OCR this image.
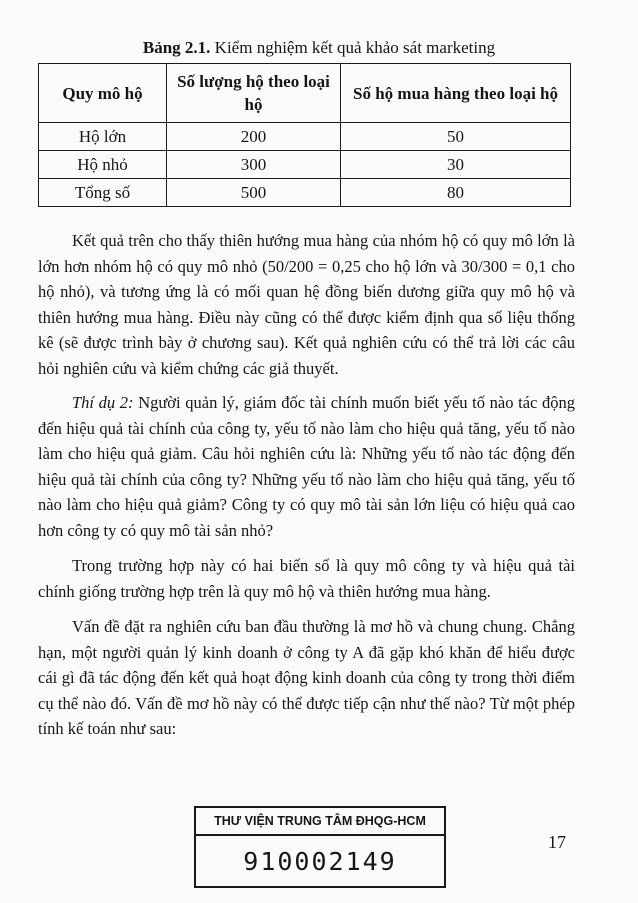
Bảng 2.1. Kiểm nghiệm kết quả khảo sát marketing
Quy mô hộ	Số lượng hộ theo loại hộ	Số hộ mua hàng theo loại hộ
Hộ lớn	200	50
Hộ nhỏ	300	30
Tổng số	500	80

Kết quả trên cho thấy thiên hướng mua hàng của nhóm hộ có quy mô lớn là lớn hơn nhóm hộ có quy mô nhỏ (50/200 = 0,25 cho hộ lớn và 30/300 = 0,1 cho hộ nhỏ), và tương ứng là có mối quan hệ đồng biến dương giữa quy mô hộ và thiên hướng mua hàng. Điều này cũng có thể được kiểm định qua số liệu thống kê (sẽ được trình bày ở chương sau). Kết quả nghiên cứu có thể trả lời các câu hỏi nghiên cứu và kiểm chứng các giả thuyết.

Thí dụ 2: Người quản lý, giám đốc tài chính muốn biết yếu tố nào tác động đến hiệu quả tài chính của công ty, yếu tố nào làm cho hiệu quả tăng, yếu tố nào làm cho hiệu quả giảm. Câu hỏi nghiên cứu là: Những yếu tố nào tác động đến hiệu quả tài chính của công ty? Những yếu tố nào làm cho hiệu quả tăng, yếu tố nào làm cho hiệu quả giảm? Công ty có quy mô tài sản lớn liệu có hiệu quả cao hơn công ty có quy mô tài sản nhỏ?

Trong trường hợp này có hai biến số là quy mô công ty và hiệu quả tài chính giống trường hợp trên là quy mô hộ và thiên hướng mua hàng.

Vấn đề đặt ra nghiên cứu ban đầu thường là mơ hồ và chung chung. Chẳng hạn, một người quản lý kinh doanh ở công ty A đã gặp khó khăn để hiểu được cái gì đã tác động đến kết quả hoạt động kinh doanh của công ty trong thời điểm cụ thể nào đó. Vấn đề mơ hồ này có thể được tiếp cận như thế nào? Từ một phép tính kế toán như sau:

THƯ VIỆN TRUNG TÂM ĐHQG-HCM
910002149
17
